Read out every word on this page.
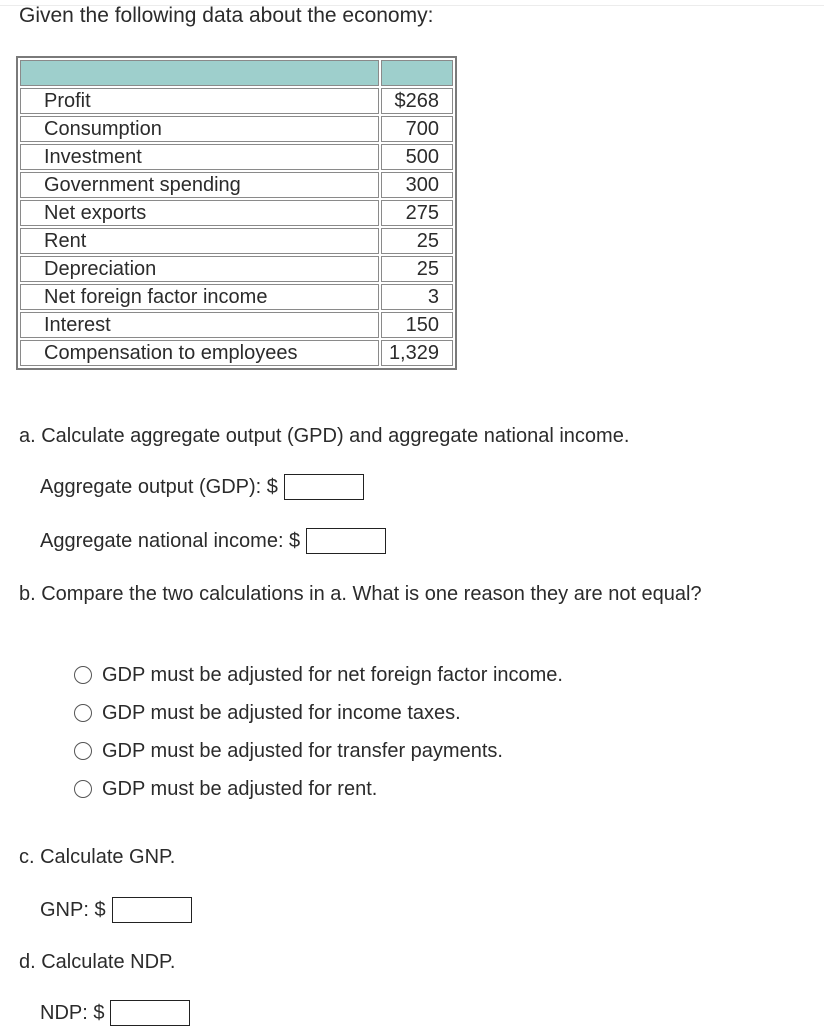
Given the following data about the economy:

Profit	$268
Consumption	700
Investment	500
Government spending	300
Net exports	275
Rent	25
Depreciation	25
Net foreign factor income	3
Interest	150
Compensation to employees	1,329
a. Calculate aggregate output (GPD) and aggregate national income.
Aggregate output (GDP): $
Aggregate national income: $
b. Compare the two calculations in a. What is one reason they are not equal?
GDP must be adjusted for net foreign factor income.
GDP must be adjusted for income taxes.
GDP must be adjusted for transfer payments.
GDP must be adjusted for rent.
c. Calculate GNP.
GNP: $
d. Calculate NDP.
NDP: $
